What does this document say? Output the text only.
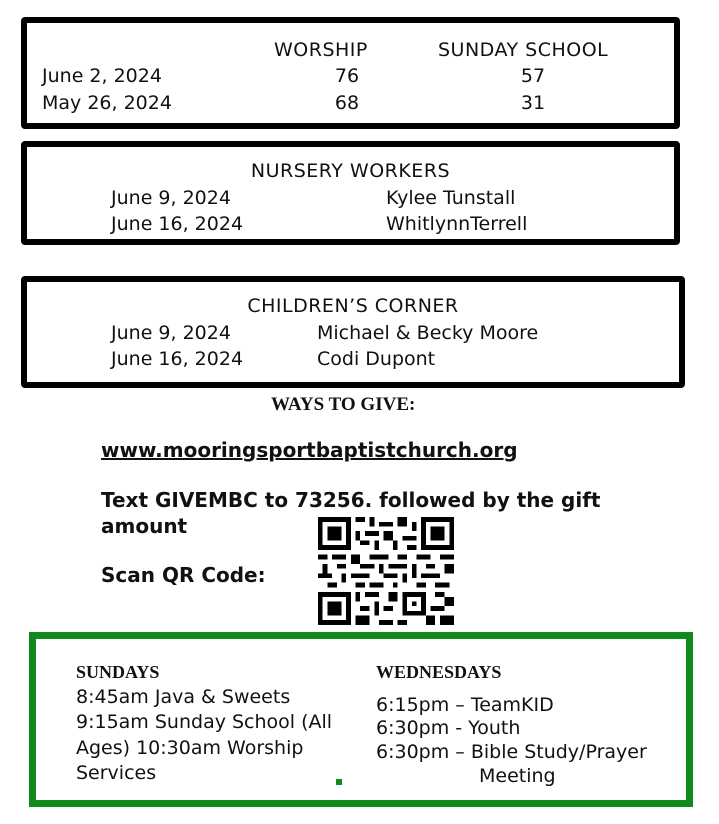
WORSHIP	SUNDAY SCHOOL
June 2, 2024	76	57
May 26, 2024	68	31
NURSERY WORKERS
June 9, 2024	Kylee Tunstall
June 16, 2024	WhitlynnTerrell
CHILDREN’S CORNER
June 9, 2024	Michael & Becky Moore
June 16, 2024	Codi Dupont
WAYS TO GIVE:
www.mooringsportbaptistchurch.org
Text GIVEMBC to 73256. followed by the gift
amount
Scan QR Code:
SUNDAYS
8:45am Java & Sweets
9:15am Sunday School (All
Ages) 10:30am Worship
Services
WEDNESDAYS
6:15pm – TeamKID
6:30pm - Youth
6:30pm – Bible Study/Prayer
Meeting
